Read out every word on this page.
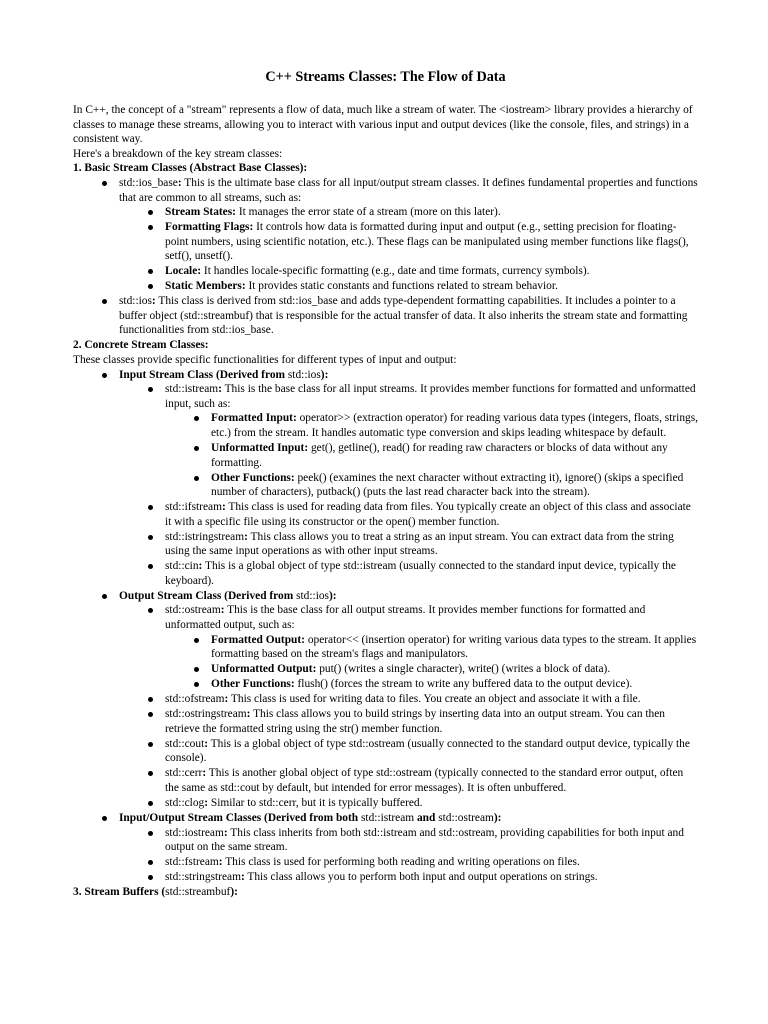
C++ Streams Classes: The Flow of Data

In C++, the concept of a "stream" represents a flow of data, much like a stream of water. The <iostream> library provides a hierarchy of classes to manage these streams, allowing you to interact with various input and output devices (like the console, files, and strings) in a consistent way.

Here's a breakdown of the key stream classes:

1. Basic Stream Classes (Abstract Base Classes):

std::ios_base: This is the ultimate base class for all input/output stream classes. It defines fundamental properties and functions that are common to all streams, such as:
Stream States: It manages the error state of a stream (more on this later).
Formatting Flags: It controls how data is formatted during input and output (e.g., setting precision for floating-point numbers, using scientific notation, etc.). These flags can be manipulated using member functions like flags(), setf(), unsetf().
Locale: It handles locale-specific formatting (e.g., date and time formats, currency symbols).
Static Members: It provides static constants and functions related to stream behavior.
std::ios: This class is derived from std::ios_base and adds type-dependent formatting capabilities. It includes a pointer to a buffer object (std::streambuf) that is responsible for the actual transfer of data. It also inherits the stream state and formatting functionalities from std::ios_base.

2. Concrete Stream Classes:

These classes provide specific functionalities for different types of input and output:

Input Stream Class (Derived from std::ios):
std::istream: This is the base class for all input streams. It provides member functions for formatted and unformatted input, such as:
Formatted Input: operator>> (extraction operator) for reading various data types (integers, floats, strings, etc.) from the stream. It handles automatic type conversion and skips leading whitespace by default.
Unformatted Input: get(), getline(), read() for reading raw characters or blocks of data without any formatting.
Other Functions: peek() (examines the next character without extracting it), ignore() (skips a specified number of characters), putback() (puts the last read character back into the stream).
std::ifstream: This class is used for reading data from files. You typically create an object of this class and associate it with a specific file using its constructor or the open() member function.
std::istringstream: This class allows you to treat a string as an input stream. You can extract data from the string using the same input operations as with other input streams.
std::cin: This is a global object of type std::istream (usually connected to the standard input device, typically the keyboard).
Output Stream Class (Derived from std::ios):
std::ostream: This is the base class for all output streams. It provides member functions for formatted and unformatted output, such as:
Formatted Output: operator<< (insertion operator) for writing various data types to the stream. It applies formatting based on the stream's flags and manipulators.
Unformatted Output: put() (writes a single character), write() (writes a block of data).
Other Functions: flush() (forces the stream to write any buffered data to the output device).
std::ofstream: This class is used for writing data to files. You create an object and associate it with a file.
std::ostringstream: This class allows you to build strings by inserting data into an output stream. You can then retrieve the formatted string using the str() member function.
std::cout: This is a global object of type std::ostream (usually connected to the standard output device, typically the console).
std::cerr: This is another global object of type std::ostream (typically connected to the standard error output, often the same as std::cout by default, but intended for error messages). It is often unbuffered.
std::clog: Similar to std::cerr, but it is typically buffered.
Input/Output Stream Classes (Derived from both std::istream and std::ostream):
std::iostream: This class inherits from both std::istream and std::ostream, providing capabilities for both input and output on the same stream.
std::fstream: This class is used for performing both reading and writing operations on files.
std::stringstream: This class allows you to perform both input and output operations on strings.

3. Stream Buffers (std::streambuf):
